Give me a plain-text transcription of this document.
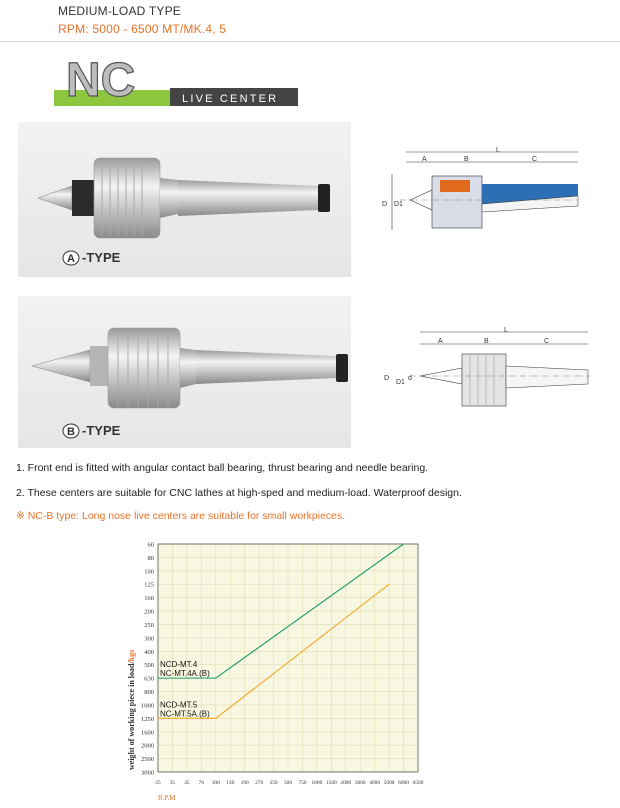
MEDIUM-LOAD TYPE
RPM: 5000 - 6500 MT/MK.4, 5
NC	LIVE CENTER
A -TYPE
L
A	B	C
D D1
B -TYPE
L
A	B	C
D
D1
d
1. Front end is fitted with angular contact ball bearing, thrust bearing and needle bearing.
2. These centers are suitable for CNC lathes at high-sped and medium-load. Waterproof design.
※ NC-B type: Long nose live centers are suitable for small workpieces.
60
80
100
125
160
200
250
300
400
500
630
800
1000
1250
1600
2000
2500
3000
25 35 45 70 100 130 190 270 350 500 750 1000 1500 2000 3000 4000 5000 6000 6500
weight of working piece in load/kgs
R.P.M
NCD-MT.4
NC-MT.4A.(B)
NCD-MT.5
NC-MT.5A.(B)
